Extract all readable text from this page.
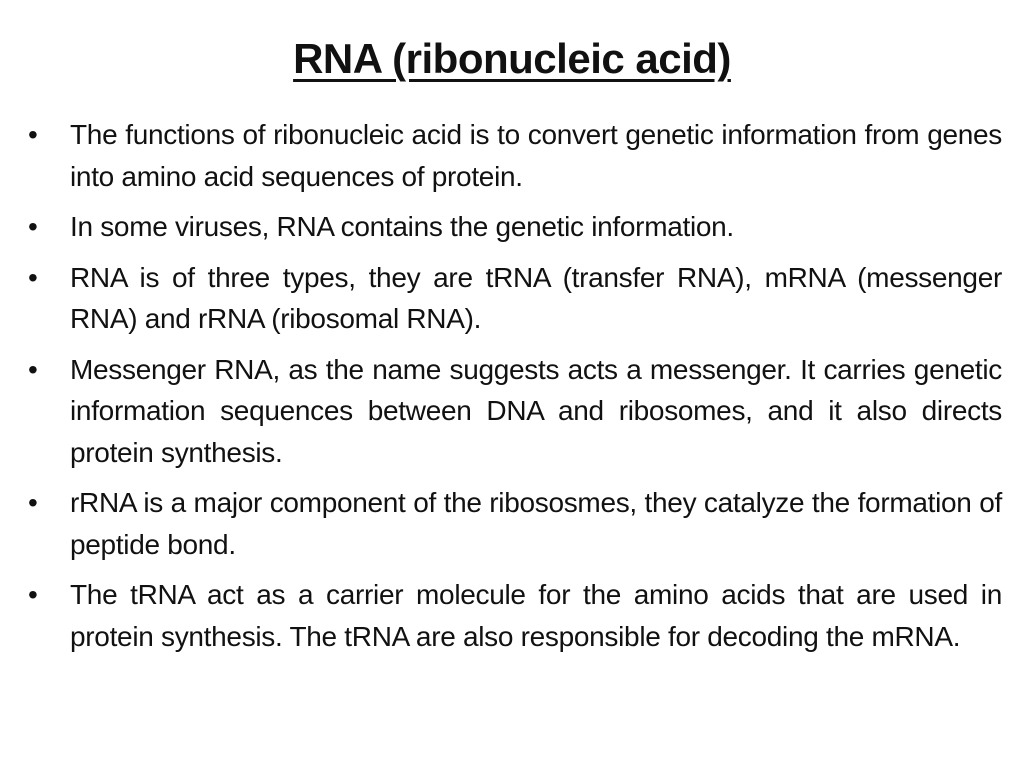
RNA (ribonucleic acid)
• The functions of ribonucleic acid is to convert genetic information from genes into amino acid sequences of protein.
• In some viruses, RNA contains the genetic information.
• RNA is of three types, they are tRNA (transfer RNA), mRNA (messenger RNA) and rRNA (ribosomal RNA).
• Messenger RNA, as the name suggests acts a messenger. It carries genetic information sequences between DNA and ribosomes, and it also directs protein synthesis.
• rRNA is a major component of the ribososmes, they catalyze the formation of peptide bond.
• The tRNA act as a carrier molecule for the amino acids that are used in protein synthesis. The tRNA are also responsible for decoding the mRNA.
